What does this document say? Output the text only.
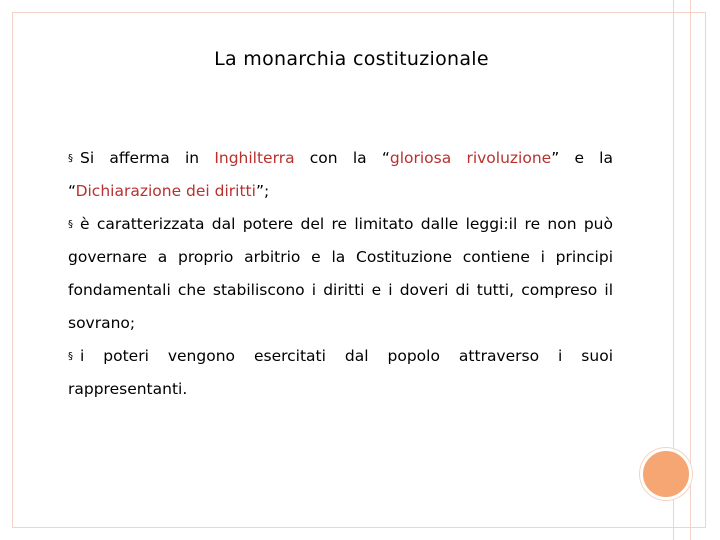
La monarchia costituzionale

§ Si afferma in Inghilterra con la “gloriosa rivoluzione” e la “Dichiarazione dei diritti”;

§ è caratterizzata dal potere del re limitato dalle leggi:il re non può governare a proprio arbitrio e la Costituzione contiene i principi fondamentali che stabiliscono i diritti e i doveri di tutti, compreso il sovrano;

§ i poteri vengono esercitati dal popolo attraverso i suoi rappresentanti.
